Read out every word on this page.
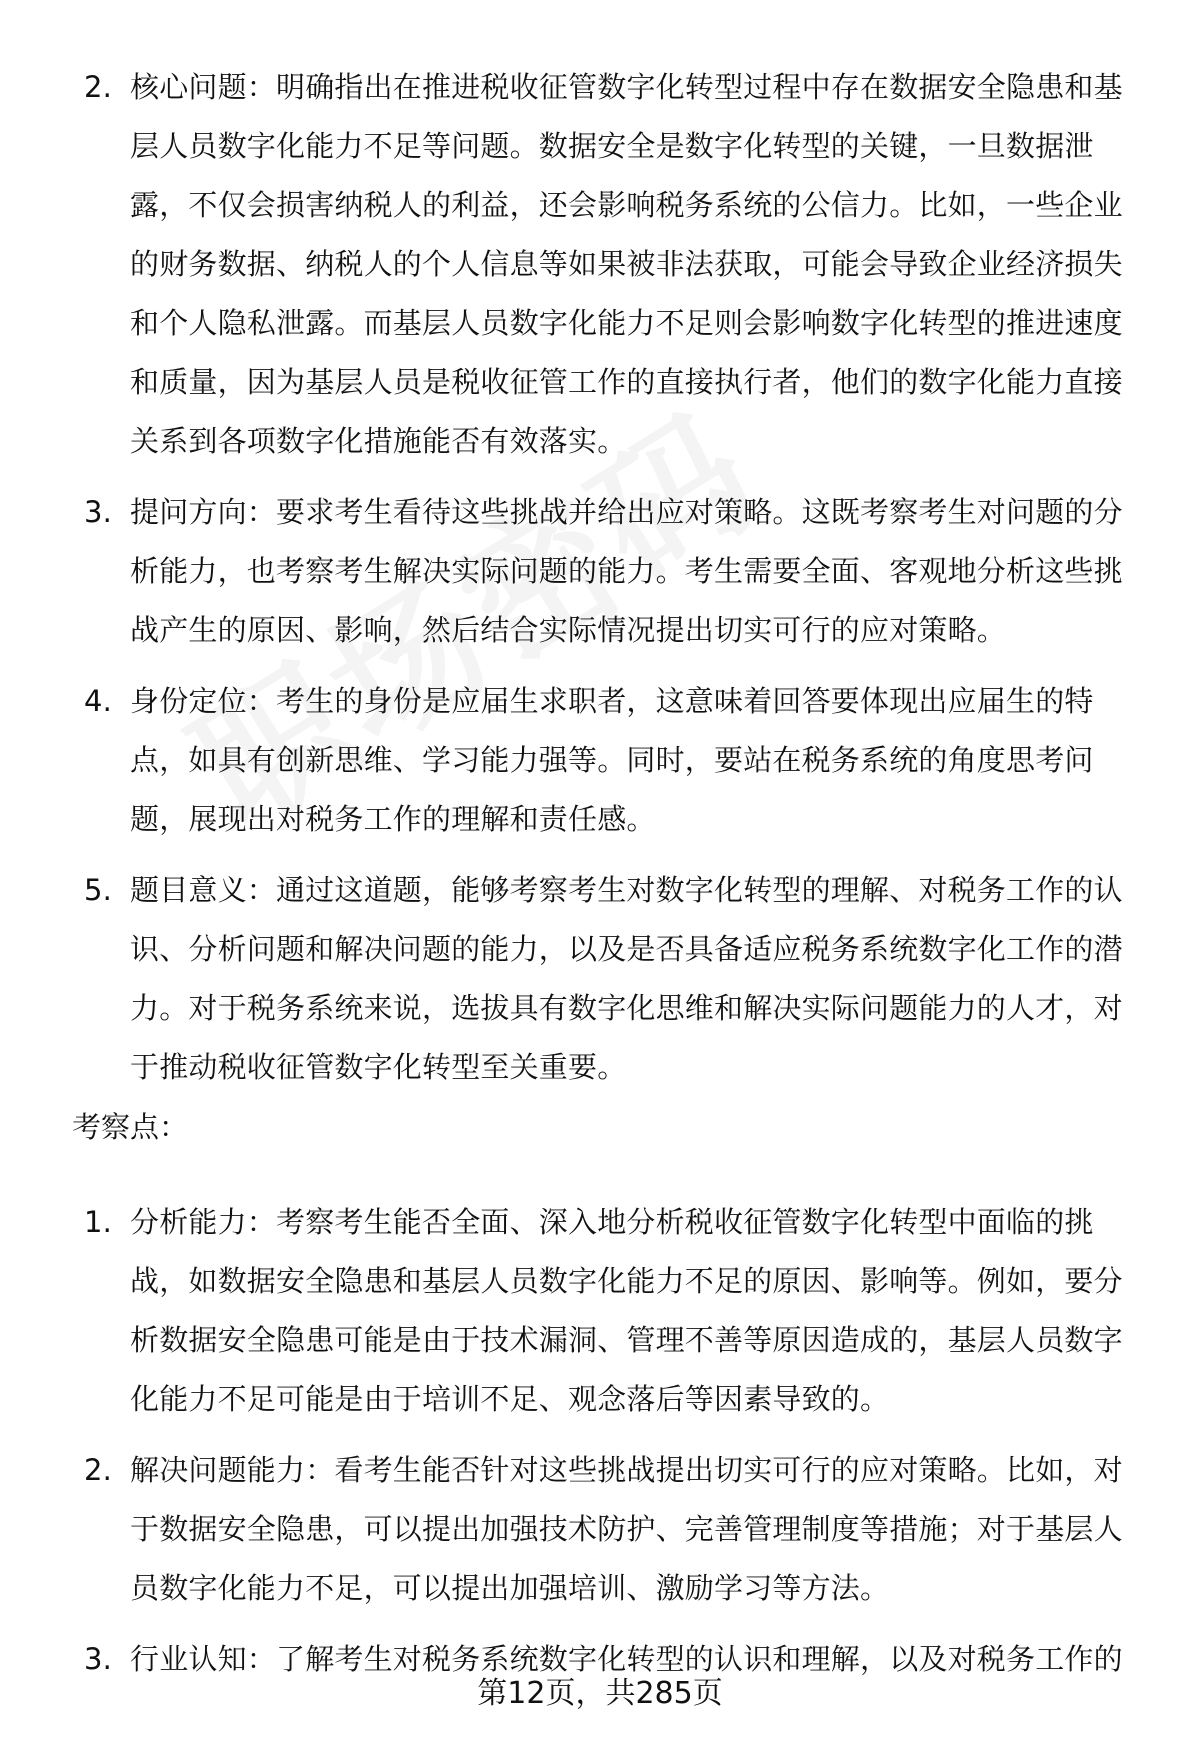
2. 核心问题：明确指出在推进税收征管数字化转型过程中存在数据安全隐患和基层人员数字化能力不足等问题。数据安全是数字化转型的关键，一旦数据泄露，不仅会损害纳税人的利益，还会影响税务系统的公信力。比如，一些企业的财务数据、纳税人的个人信息等如果被非法获取，可能会导致企业经济损失和个人隐私泄露。而基层人员数字化能力不足则会影响数字化转型的推进速度和质量，因为基层人员是税收征管工作的直接执行者，他们的数字化能力直接关系到各项数字化措施能否有效落实。
3. 提问方向：要求考生看待这些挑战并给出应对策略。这既考察考生对问题的分析能力，也考察考生解决实际问题的能力。考生需要全面、客观地分析这些挑战产生的原因、影响，然后结合实际情况提出切实可行的应对策略。
4. 身份定位：考生的身份是应届生求职者，这意味着回答要体现出应届生的特点，如具有创新思维、学习能力强等。同时，要站在税务系统的角度思考问题，展现出对税务工作的理解和责任感。
5. 题目意义：通过这道题，能够考察考生对数字化转型的理解、对税务工作的认识、分析问题和解决问题的能力，以及是否具备适应税务系统数字化工作的潜力。对于税务系统来说，选拔具有数字化思维和解决实际问题能力的人才，对于推动税收征管数字化转型至关重要。
考察点：
1. 分析能力：考察考生能否全面、深入地分析税收征管数字化转型中面临的挑战，如数据安全隐患和基层人员数字化能力不足的原因、影响等。例如，要分析数据安全隐患可能是由于技术漏洞、管理不善等原因造成的，基层人员数字化能力不足可能是由于培训不足、观念落后等因素导致的。
2. 解决问题能力：看考生能否针对这些挑战提出切实可行的应对策略。比如，对于数据安全隐患，可以提出加强技术防护、完善管理制度等措施；对于基层人员数字化能力不足，可以提出加强培训、激励学习等方法。
3. 行业认知：了解考生对税务系统数字化转型的认识和理解，以及对税务工作的
第12页，共285页
